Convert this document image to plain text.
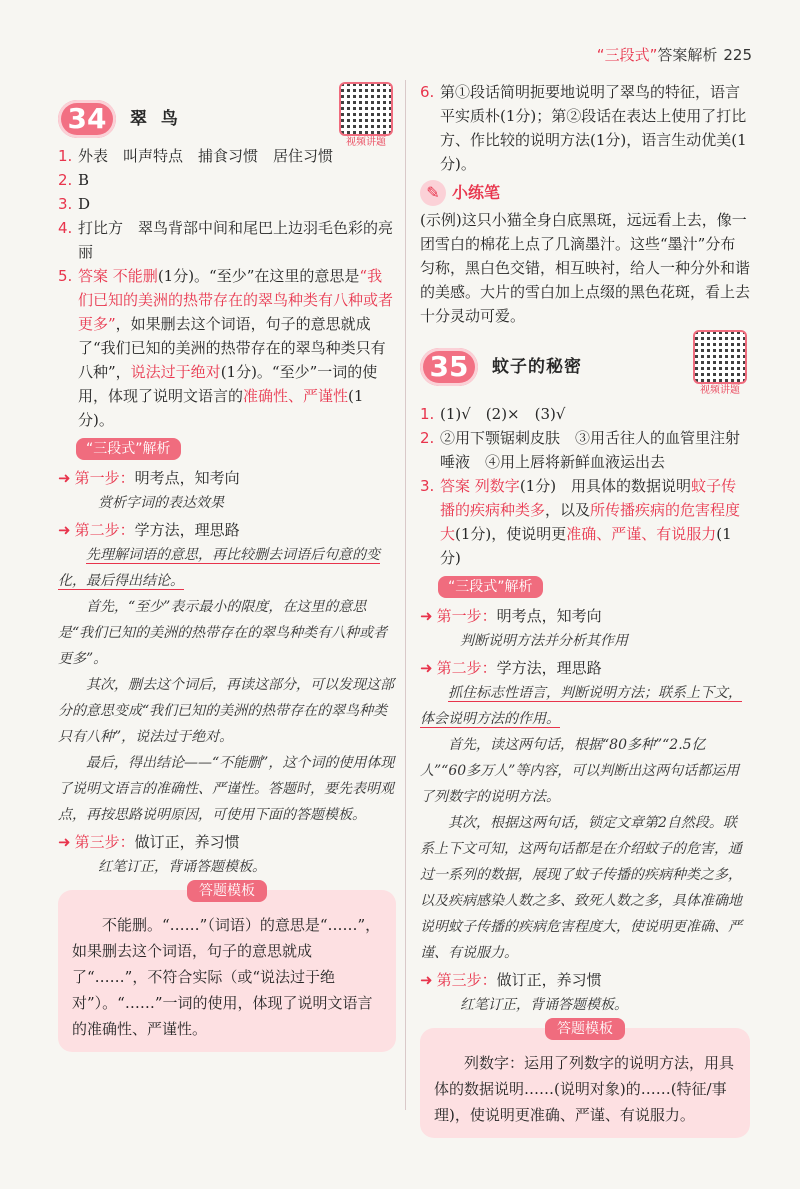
“三段式”答案解析 225
34	翠 鸟
视频讲题
1. 外表　叫声特点　捕食习惯　居住习惯
2. B
3. D
4. 打比方　翠鸟背部中间和尾巴上边羽毛色彩的亮丽
5. 答案 不能删(1分)。“至少”在这里的意思是“我们已知的美洲的热带存在的翠鸟种类有八种或者更多”，如果删去这个词语，句子的意思就成了“我们已知的美洲的热带存在的翠鸟种类只有八种”，说法过于绝对(1分)。“至少”一词的使用，体现了说明文语言的准确性、严谨性(1分)。
“三段式”解析
➜ 第一步：明考点，知考向
赏析字词的表达效果
➜ 第二步：学方法，理思路
先理解词语的意思，再比较删去词语后句意的变化，最后得出结论。
首先，“至少”表示最小的限度，在这里的意思是“我们已知的美洲的热带存在的翠鸟种类有八种或者更多”。
其次，删去这个词后，再读这部分，可以发现这部分的意思变成“我们已知的美洲的热带存在的翠鸟种类只有八种”，说法过于绝对。
最后，得出结论——“不能删”，这个词的使用体现了说明文语言的准确性、严谨性。答题时，要先表明观点，再按思路说明原因，可使用下面的答题模板。
➜ 第三步：做订正，养习惯
红笔订正，背诵答题模板。
答题模板
不能删。“……”（词语）的意思是“……”，如果删去这个词语，句子的意思就成了“……”，不符合实际（或“说法过于绝对”）。“……”一词的使用，体现了说明文语言的准确性、严谨性。
6. 第①段话简明扼要地说明了翠鸟的特征，语言平实质朴(1分)；第②段话在表达上使用了打比方、作比较的说明方法(1分)，语言生动优美(1分)。
✎ 小练笔
(示例)这只小猫全身白底黑斑，远远看上去，像一团雪白的棉花上点了几滴墨汁。这些“墨汁”分布匀称，黑白色交错，相互映衬，给人一种分外和谐的美感。大片的雪白加上点缀的黑色花斑，看上去十分灵动可爱。
35	蚊子的秘密
视频讲题
1. (1)√　(2)×　(3)√
2. ②用下颚锯刺皮肤　③用舌往人的血管里注射唾液　④用上唇将新鲜血液运出去
3. 答案 列数字(1分)　用具体的数据说明蚊子传播的疾病种类多，以及所传播疾病的危害程度大(1分)，使说明更准确、严谨、有说服力(1分)
“三段式”解析
➜ 第一步：明考点，知考向
判断说明方法并分析其作用
➜ 第二步：学方法，理思路
抓住标志性语言，判断说明方法；联系上下文，体会说明方法的作用。
首先，读这两句话，根据“80多种”“2.5亿人”“60多万人”等内容，可以判断出这两句话都运用了列数字的说明方法。
其次，根据这两句话，锁定文章第2自然段。联系上下文可知，这两句话都是在介绍蚊子的危害，通过一系列的数据，展现了蚊子传播的疾病种类之多，以及疾病感染人数之多、致死人数之多，具体准确地说明蚊子传播的疾病危害程度大，使说明更准确、严谨、有说服力。
➜ 第三步：做订正，养习惯
红笔订正，背诵答题模板。
答题模板
列数字：运用了列数字的说明方法，用具体的数据说明……(说明对象)的……(特征/事理)，使说明更准确、严谨、有说服力。
